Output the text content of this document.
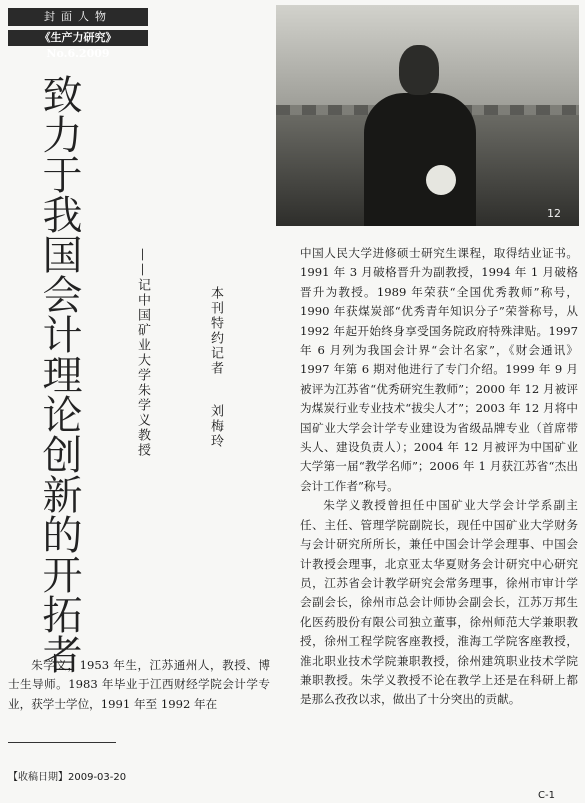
封面人物
《生产力研究》No.6.2009
致力于我国会计理论创新的开拓者	——记中国矿业大学朱学义教授	本刊特约记者刘梅玲
12

中国人民大学进修硕士研究生课程，取得结业证书。1991 年 3 月破格晋升为副教授，1994 年 1 月破格晋升为教授。1989 年荣获“全国优秀教师”称号，1990 年获煤炭部“优秀青年知识分子”荣誉称号，从 1992 年起开始终身享受国务院政府特殊津贴。1997 年 6 月列为我国会计界“会计名家”，《财会通讯》1997 年第 6 期对他进行了专门介绍。1999 年 9 月被评为江苏省“优秀研究生教师”；2000 年 12 月被评为煤炭行业专业技术“拔尖人才”；2003 年 12 月将中国矿业大学会计学专业建设为省级品牌专业（首席带头人、建设负责人）；2004 年 12 月被评为中国矿业大学第一届“教学名师”；2006 年 1 月获江苏省“杰出会计工作者”称号。

朱学义教授曾担任中国矿业大学会计学系副主任、主任、管理学院副院长，现任中国矿业大学财务与会计研究所所长，兼任中国会计学会理事、中国会计教授会理事，北京亚太华夏财务会计研究中心研究员，江苏省会计教学研究会常务理事，徐州市审计学会副会长，徐州市总会计师协会副会长，江苏万邦生化医药股份有限公司独立董事，徐州师范大学兼职教授，徐州工程学院客座教授，淮海工学院客座教授，淮北职业技术学院兼职教授，徐州建筑职业技术学院兼职教授。朱学义教授不论在教学上还是在科研上都是那么孜孜以求，做出了十分突出的贡献。

朱学义，1953 年生，江苏通州人，教授、博士生导师。1983 年毕业于江西财经学院会计学专业，获学士学位，1991 年至 1992 年在

【收稿日期】2009-03-20
C-1
